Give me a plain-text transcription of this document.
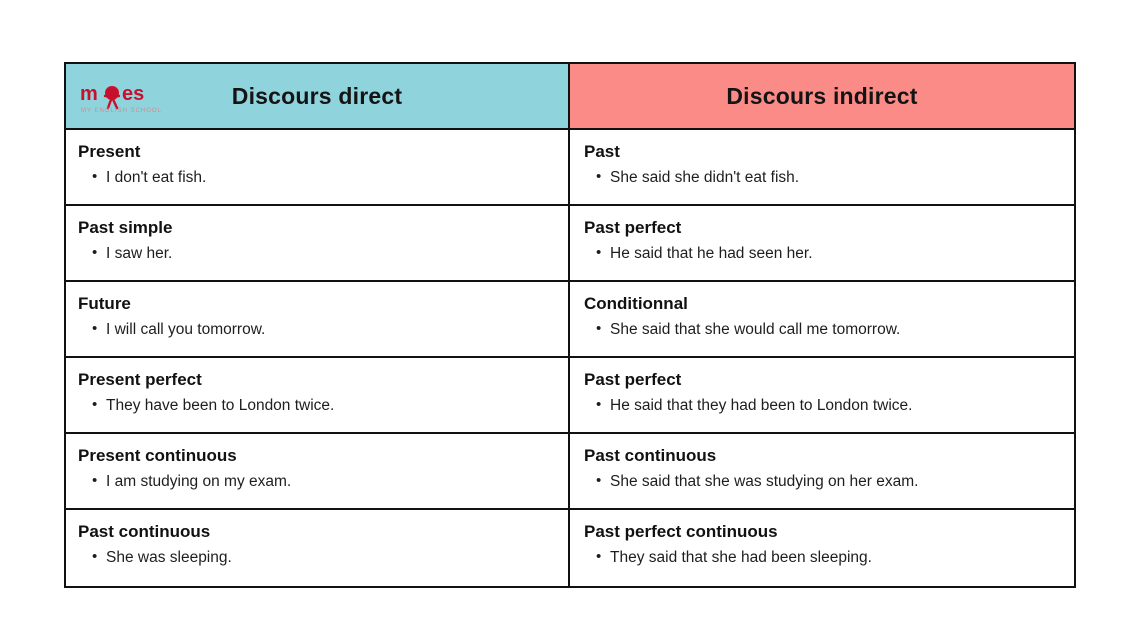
m es
MY ENGLISH SCHOOL
Discours direct	Discours indirect

Present

• I don't eat fish.

Past

• She said she didn't eat fish.

Past simple

• I saw her.

Past perfect

• He said that he had seen her.

Future

• I will call you tomorrow.

Conditionnal

• She said that she would call me tomorrow.

Present perfect

• They have been to London twice.

Past perfect

• He said that they had been to London twice.

Present continuous

• I am studying on my exam.

Past continuous

• She said that she was studying on her exam.

Past continuous

• She was sleeping.

Past perfect continuous

• They said that she had been sleeping.
